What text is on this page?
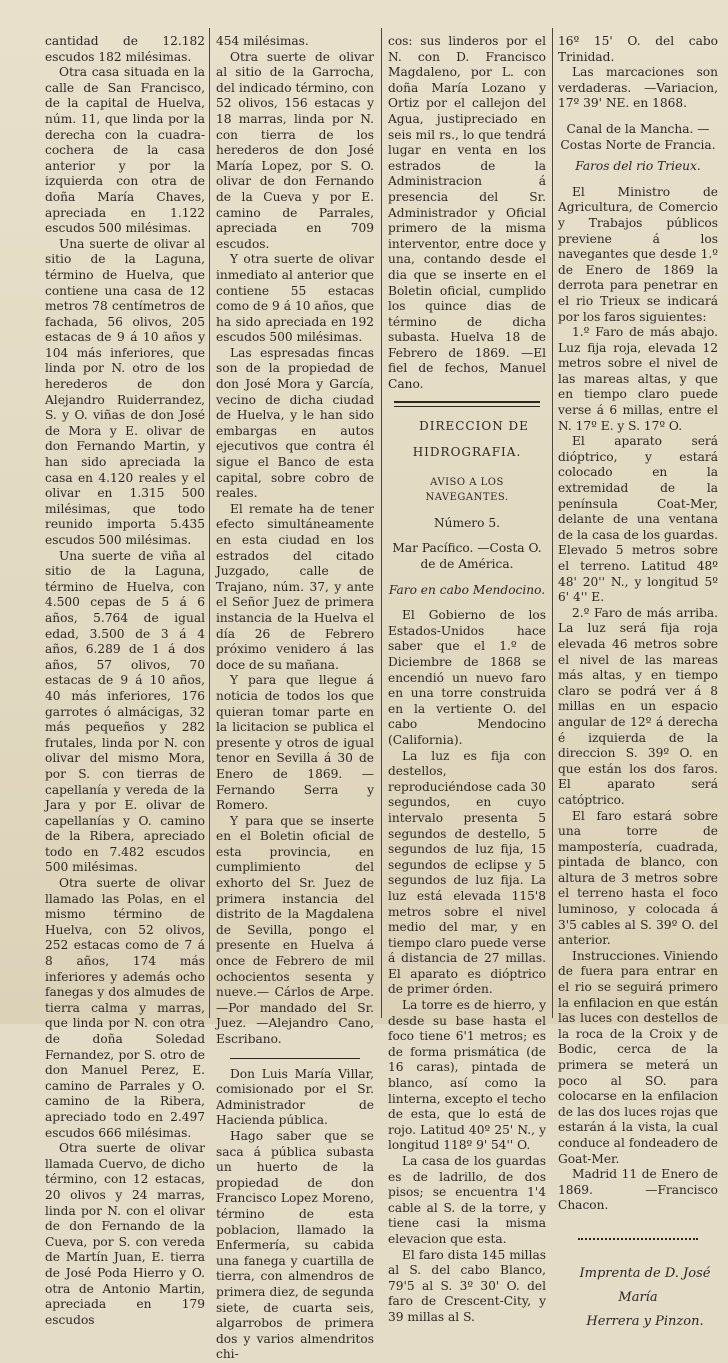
cantidad de 12.182 escudos 182 milésimas.

Otra casa situada en la calle de San Francisco, de la capital de Huelva, núm. 11, que linda por la derecha con la cuadra-cochera de la casa anterior y por la izquierda con otra de doña María Chaves, apreciada en 1.122 escudos 500 milésimas.

Una suerte de olivar al sitio de la Laguna, término de Huelva, que contiene una casa de 12 metros 78 centímetros de fachada, 56 olivos, 205 estacas de 9 á 10 años y 104 más inferiores, que linda por N. otro de los herederos de don Alejandro Ruiderrandez, S. y O. viñas de don José de Mora y E. olivar de don Fernando Martin, y han sido apreciada la casa en 4.120 reales y el olivar en 1.315 500 milésimas, que todo reunido importa 5.435 escudos 500 milésimas.

Una suerte de viña al sitio de la Laguna, término de Huelva, con 4.500 cepas de 5 á 6 años, 5.764 de igual edad, 3.500 de 3 á 4 años, 6.289 de 1 á dos años, 57 olivos, 70 estacas de 9 á 10 años, 40 más inferiores, 176 garrotes ó almácigas, 32 más pequeños y 282 frutales, linda por N. con olivar del mismo Mora, por S. con tierras de capellanía y vereda de la Jara y por E. olivar de capellanías y O. camino de la Ribera, apreciado todo en 7.482 escudos 500 milésimas.

Otra suerte de olivar llamado las Polas, en el mismo término de Huelva, con 52 olivos, 252 estacas como de 7 á 8 años, 174 más inferiores y además ocho fanegas y dos almudes de tierra calma y marras, que linda por N. con otra de doña Soledad Fernandez, por S. otro de don Manuel Perez, E. camino de Parrales y O. camino de la Ribera, apreciado todo en 2.497 escudos 666 milésimas.

Otra suerte de olivar llamada Cuervo, de dicho término, con 12 estacas, 20 olivos y 24 marras, linda por N. con el olivar de don Fernando de la Cueva, por S. con vereda de Martín Juan, E. tierra de José Poda Hierro y O. otra de Antonio Martin, apreciada en 179 escudos

454 milésimas.

Otra suerte de olivar al sitio de la Garrocha, del indicado término, con 52 olivos, 156 estacas y 18 marras, linda por N. con tierra de los herederos de don José María Lopez, por S. O. olivar de don Fernando de la Cueva y por E. camino de Parrales, apreciada en 709 escudos.

Y otra suerte de olivar inmediato al anterior que contiene 55 estacas como de 9 á 10 años, que ha sido apreciada en 192 escudos 500 milésimas.

Las espresadas fincas son de la propiedad de don José Mora y García, vecino de dicha ciudad de Huelva, y le han sido embargas en autos ejecutivos que contra él sigue el Banco de esta capital, sobre cobro de reales.

El remate ha de tener efecto simultáneamente en esta ciudad en los estrados del citado Juzgado, calle de Trajano, núm. 37, y ante el Señor Juez de primera instancia de la Huelva el día 26 de Febrero próximo venidero á las doce de su mañana.

Y para que llegue á noticia de todos los que quieran tomar parte en la licitacion se publica el presente y otros de igual tenor en Sevilla á 30 de Enero de 1869. —Fernando Serra y Romero.

Y para que se inserte en el Boletin oficial de esta provincia, en cumplimiento del exhorto del Sr. Juez de primera instancia del distrito de la Magdalena de Sevilla, pongo el presente en Huelva á once de Febrero de mil ochocientos sesenta y nueve.— Cárlos de Arpe. —Por mandado del Sr. Juez. —Alejandro Cano, Escribano.

Don Luis María Villar, comisionado por el Sr. Administrador de Hacienda pública.

Hago saber que se saca á pública subasta un huerto de la propiedad de don Francisco Lopez Moreno, término de esta poblacion, llamado la Enfermería, su cabida una fanega y cuartilla de tierra, con almendros de primera diez, de segunda siete, de cuarta seis, algarrobos de primera dos y varios almendritos chi-

cos: sus linderos por el N. con D. Francisco Magdaleno, por L. con doña María Lozano y Ortiz por el callejon del Agua, justipreciado en seis mil rs., lo que tendrá lugar en venta en los estrados de la Administracion á presencia del Sr. Administrador y Oficial primero de la misma interventor, entre doce y una, contando desde el dia que se inserte en el Boletin oficial, cumplido los quince dias de término de dicha subasta. Huelva 18 de Febrero de 1869. —El fiel de fechos, Manuel Cano.

DIRECCION DE HIDROGRAFIA.

AVISO A LOS NAVEGANTES.

Número 5.

Mar Pacífico. —Costa O. de de América.

Faro en cabo Mendocino.

El Gobierno de los Estados-Unidos hace saber que el 1.º de Diciembre de 1868 se encendió un nuevo faro en una torre construida en la vertiente O. del cabo Mendocino (California).

La luz es fija con destellos, reproduciéndose cada 30 segundos, en cuyo intervalo presenta 5 segundos de destello, 5 segundos de luz fija, 15 segundos de eclipse y 5 segundos de luz fija. La luz está elevada 115'8 metros sobre el nivel medio del mar, y en tiempo claro puede verse á distancia de 27 millas. El aparato es dióptrico de primer órden.

La torre es de hierro, y desde su base hasta el foco tiene 6'1 metros; es de forma prismática (de 16 caras), pintada de blanco, así como la linterna, excepto el techo de esta, que lo está de rojo. Latitud 40º 25' N., y longitud 118º 9' 54'' O.

La casa de los guardas es de ladrillo, de dos pisos; se encuentra 1'4 cable al S. de la torre, y tiene casi la misma elevacion que esta.

El faro dista 145 millas al S. del cabo Blanco, 79'5 al S. 3º 30' O. del faro de Crescent-City, y 39 millas al S.

16º 15' O. del cabo Trinidad.

Las marcaciones son verdaderas. —Variacion, 17º 39' NE. en 1868.

Canal de la Mancha. —Costas Norte de Francia.

Faros del rio Trieux.

El Ministro de Agricultura, de Comercio y Trabajos públicos previene á los navegantes que desde 1.º de Enero de 1869 la derrota para penetrar en el rio Trieux se indicará por los faros siguientes:

1.º Faro de más abajo. Luz fija roja, elevada 12 metros sobre el nivel de las mareas altas, y que en tiempo claro puede verse á 6 millas, entre el N. 17º E. y S. 17º O.

El aparato será dióptrico, y estará colocado en la extremidad de la península Coat-Mer, delante de una ventana de la casa de los guardas. Elevado 5 metros sobre el terreno. Latitud 48º 48' 20'' N., y longitud 5º 6' 4'' E.

2.º Faro de más arriba. La luz será fija roja elevada 46 metros sobre el nivel de las mareas más altas, y en tiempo claro se podrá ver á 8 millas en un espacio angular de 12º á derecha é izquierda de la direccion S. 39º O. en que están los dos faros. El aparato será catóptrico.

El faro estará sobre una torre de mampostería, cuadrada, pintada de blanco, con altura de 3 metros sobre el terreno hasta el foco luminoso, y colocada á 3'5 cables al S. 39º O. del anterior.

Instrucciones. Viniendo de fuera para entrar en el rio se seguirá primero la enfilacion en que están las luces con destellos de la roca de la Croix y de Bodic, cerca de la primera se meterá un poco al SO. para colocarse en la enfilacion de las dos luces rojas que estarán á la vista, la cual conduce al fondeadero de Goat-Mer.

Madrid 11 de Enero de 1869. —Francisco Chacon.

Imprenta de D. José María

Herrera y Pinzon.
